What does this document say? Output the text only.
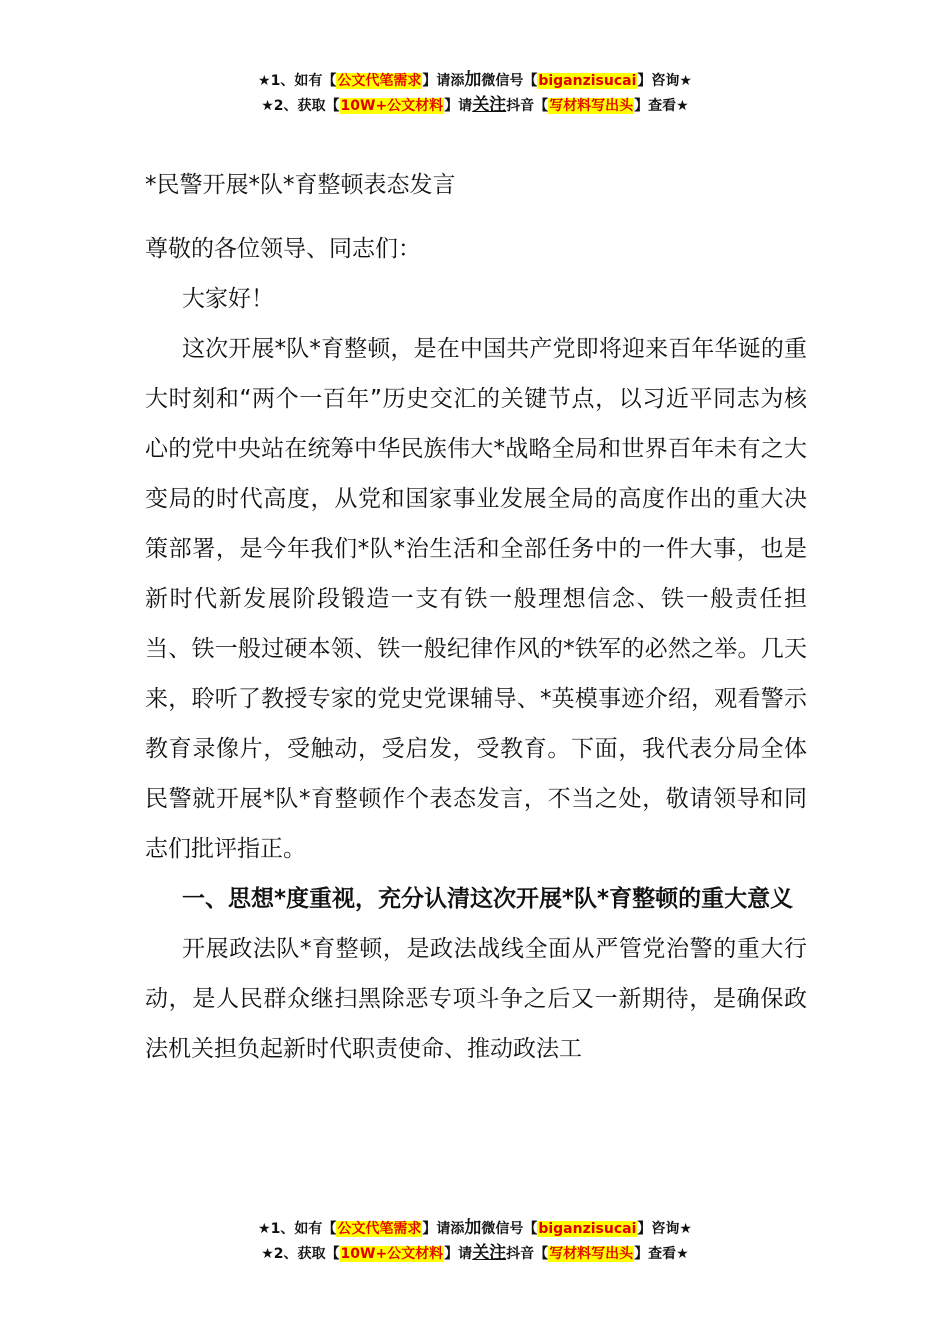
★1、如有【公文代笔需求】请添加微信号【biganzisucai】咨询★
★2、获取【10W+公文材料】请关注抖音【写材料写出头】查看★
*民警开展*队*育整顿表态发言

尊敬的各位领导、同志们：

大家好！

这次开展*队*育整顿，是在中国共产党即将迎来百年华诞的重大时刻和“两个一百年”历史交汇的关键节点，以习近平同志为核心的党中央站在统筹中华民族伟大*战略全局和世界百年未有之大变局的时代高度，从党和国家事业发展全局的高度作出的重大决策部署，是今年我们*队*治生活和全部任务中的一件大事，也是新时代新发展阶段锻造一支有铁一般理想信念、铁一般责任担当、铁一般过硬本领、铁一般纪律作风的*铁军的必然之举。几天来，聆听了教授专家的党史党课辅导、*英模事迹介绍，观看警示教育录像片，受触动，受启发，受教育。下面，我代表分局全体民警就开展*队*育整顿作个表态发言，不当之处，敬请领导和同志们批评指正。

一、思想*度重视，充分认清这次开展*队*育整顿的重大意义

开展政法队*育整顿，是政法战线全面从严管党治警的重大行动，是人民群众继扫黑除恶专项斗争之后又一新期待，是确保政法机关担负起新时代职责使命、推动政法工

★1、如有【公文代笔需求】请添加微信号【biganzisucai】咨询★
★2、获取【10W+公文材料】请关注抖音【写材料写出头】查看★
